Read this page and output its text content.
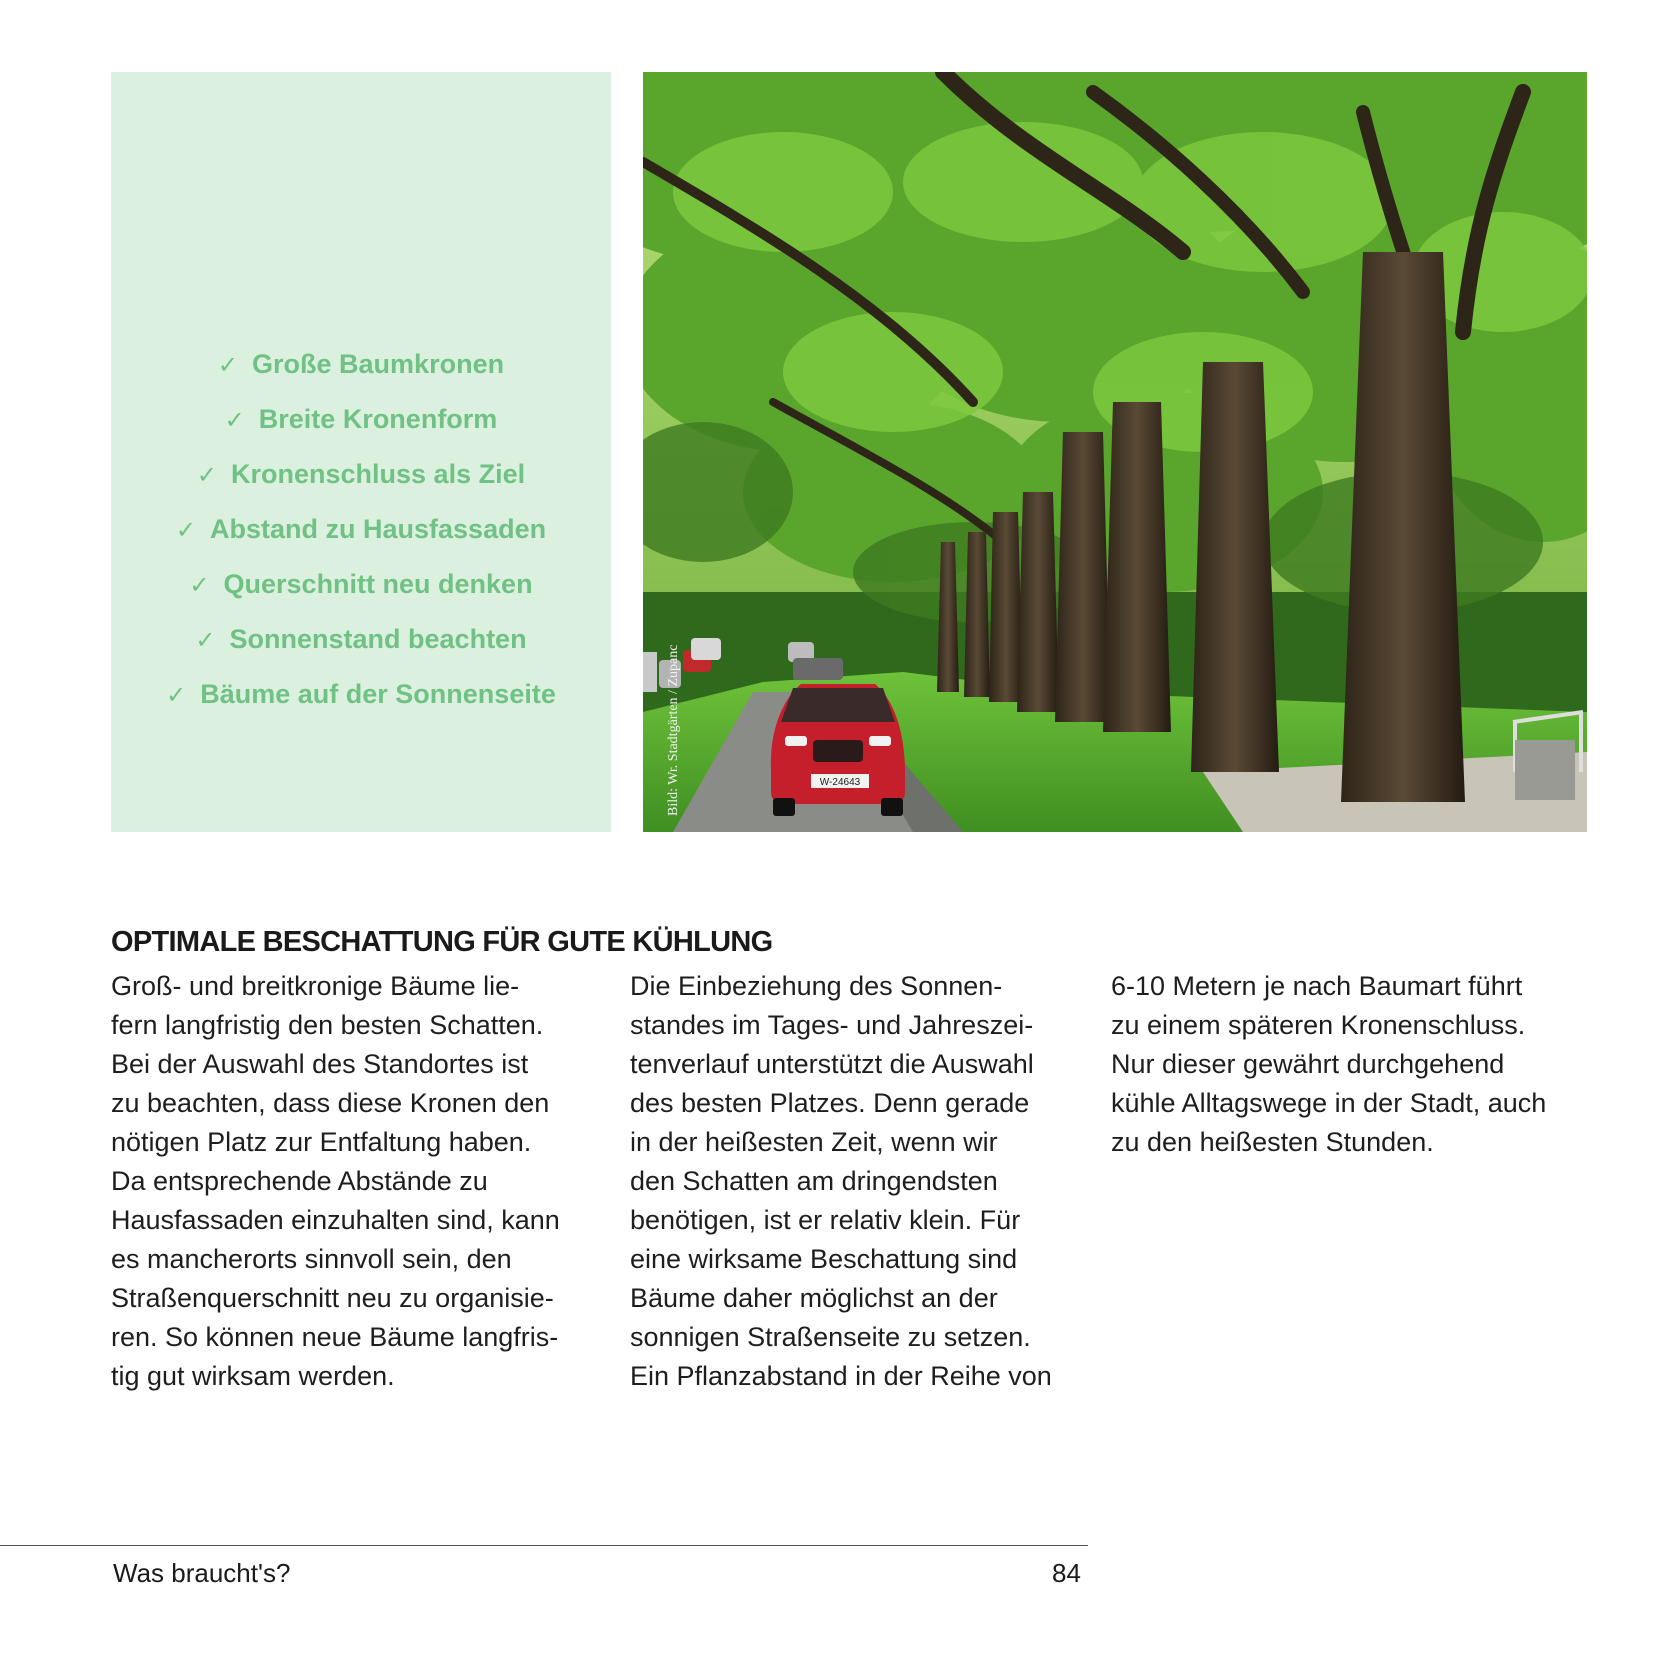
✓ Große Baumkronen
✓ Breite Kronenform
✓ Kronenschluss als Ziel
✓ Abstand zu Hausfassaden
✓ Querschnitt neu denken
✓ Sonnenstand beachten
✓ Bäume auf der Sonnenseite
W-24643
Bild: Wr. Stadtgärten / Zupanc
OPTIMALE BESCHATTUNG FÜR GUTE KÜHLUNG
Groß- und breitkronige Bäume lie-
fern langfristig den besten Schatten.
Bei der Auswahl des Standortes ist
zu beachten, dass diese Kronen den
nötigen Platz zur Entfaltung haben.
Da entsprechende Abstände zu
Hausfassaden einzuhalten sind, kann
es mancherorts sinnvoll sein, den
Straßenquerschnitt neu zu organisie-
ren. So können neue Bäume langfris-
tig gut wirksam werden.
Die Einbeziehung des Sonnen-
standes im Tages- und Jahreszei-
tenverlauf unterstützt die Auswahl
des besten Platzes. Denn gerade
in der heißesten Zeit, wenn wir
den Schatten am dringendsten
benötigen, ist er relativ klein. Für
eine wirksame Beschattung sind
Bäume daher möglichst an der
sonnigen Straßenseite zu setzen.
Ein Pflanzabstand in der Reihe von
6-10 Metern je nach Baumart führt
zu einem späteren Kronenschluss.
Nur dieser gewährt durchgehend
kühle Alltagswege in der Stadt, auch
zu den heißesten Stunden.
Was braucht's?	84
